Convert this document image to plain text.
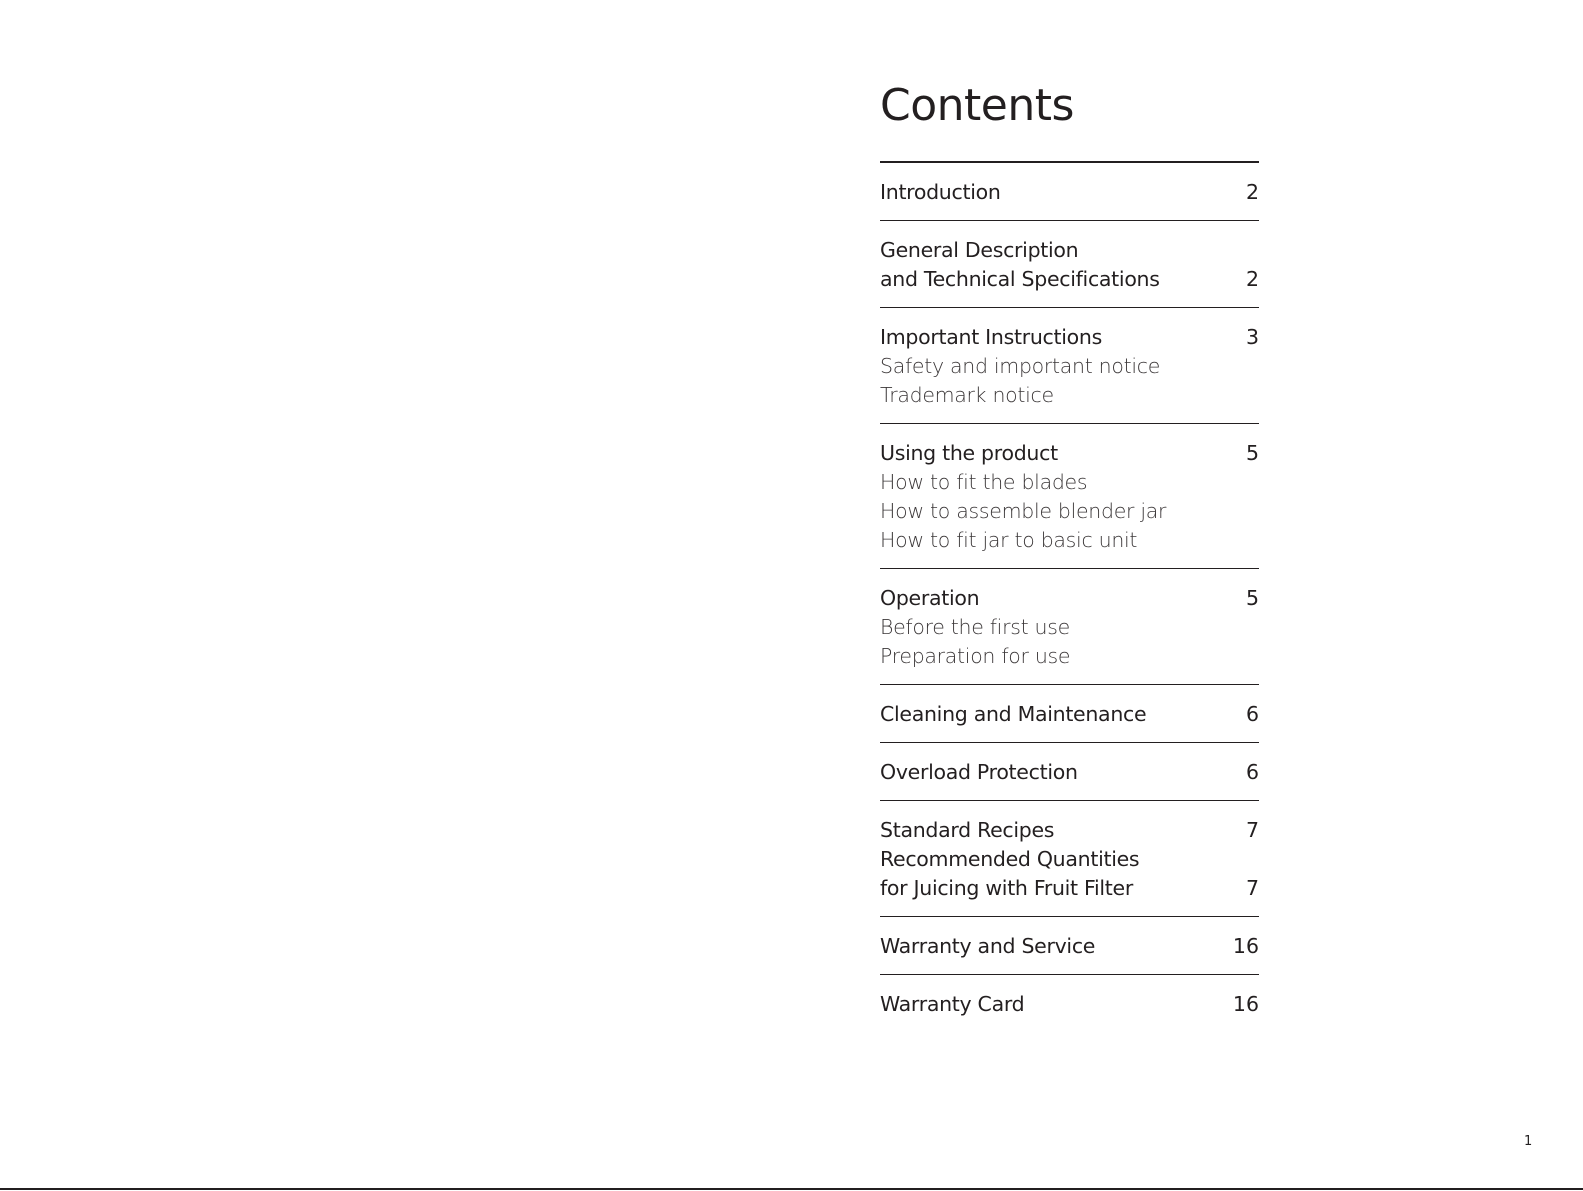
Contents
Introduction	2
General Description
and Technical Specifications	2
Important Instructions	3
Safety and important notice
Trademark notice
Using the product	5
How to fit the blades
How to assemble blender jar
How to fit jar to basic unit
Operation	5
Before the first use
Preparation for use
Cleaning and Maintenance	6
Overload Protection	6
Standard Recipes	7
Recommended Quantities
for Juicing with Fruit Filter	7
Warranty and Service	16
Warranty Card	16
1
